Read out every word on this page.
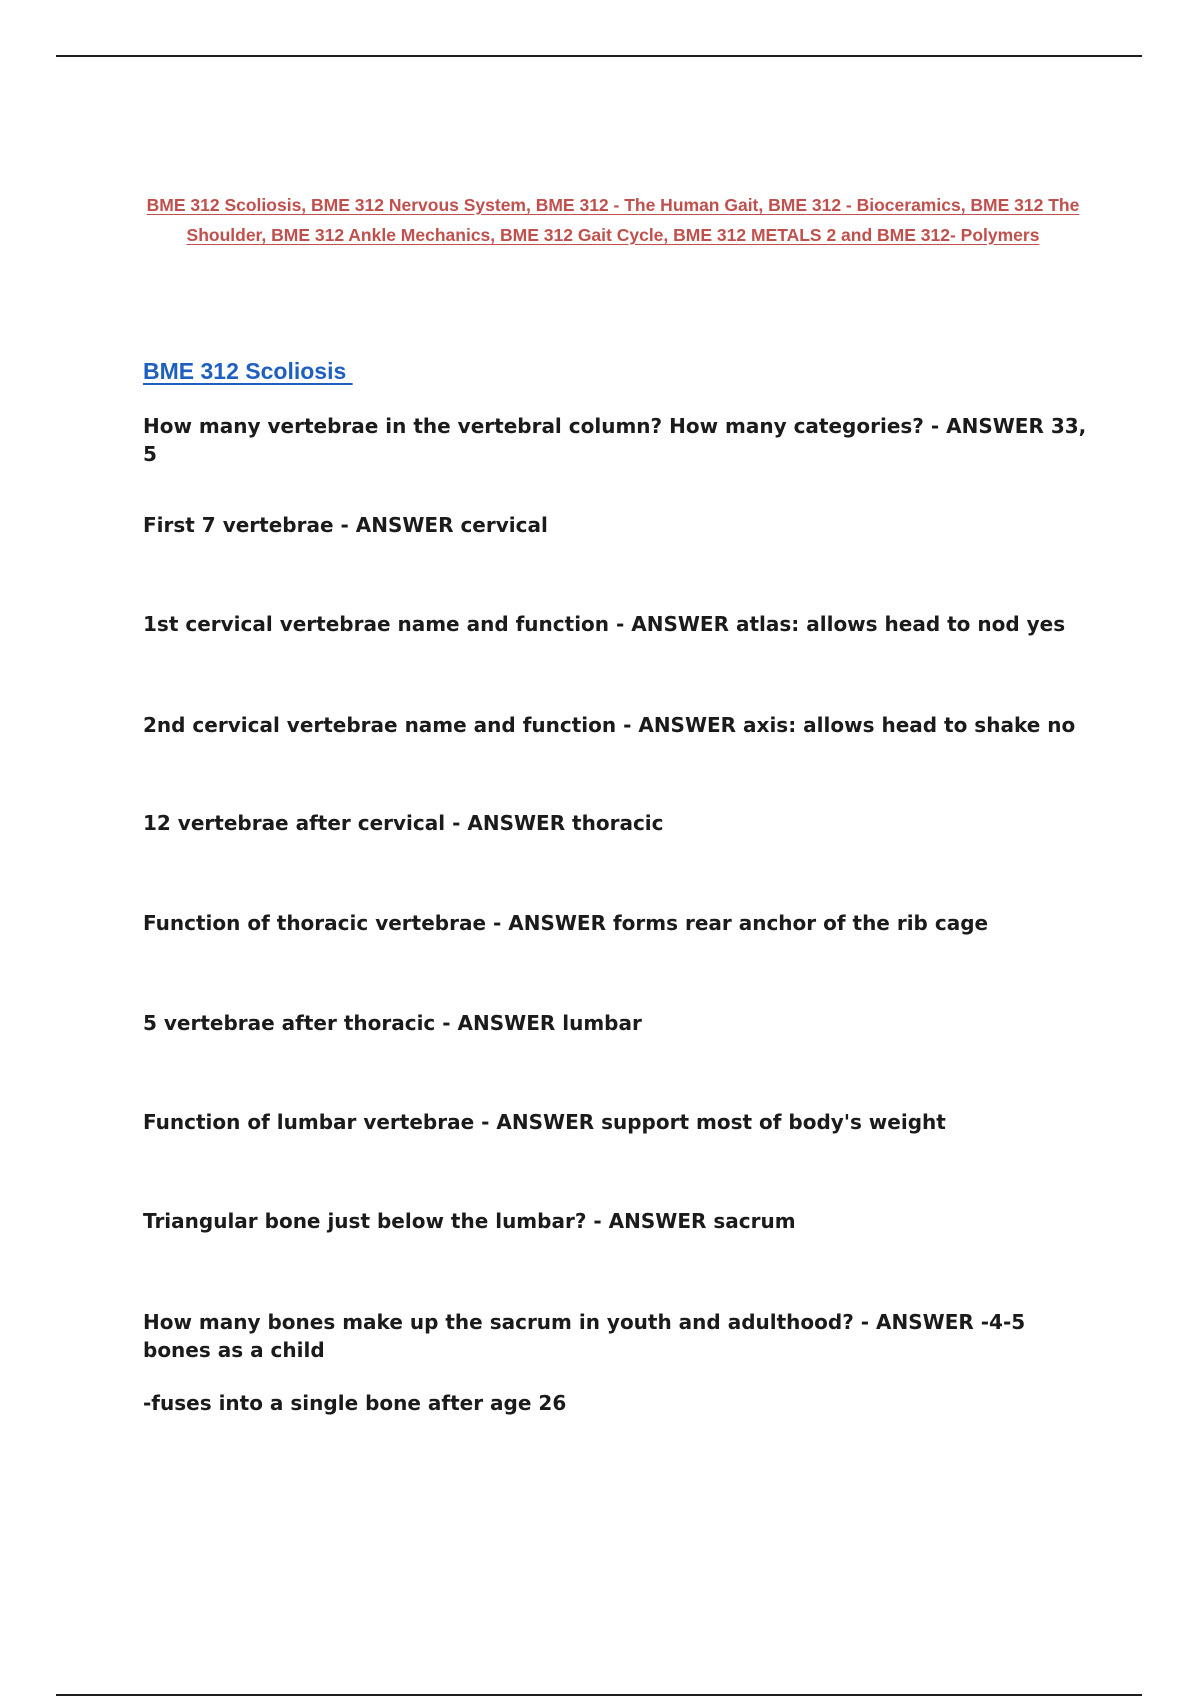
BME 312 Scoliosis, BME 312 Nervous System, BME 312 - The Human Gait, BME 312 - Bioceramics, BME 312 The Shoulder, BME 312 Ankle Mechanics, BME 312 Gait Cycle, BME 312 METALS 2 and BME 312- Polymers
BME 312 Scoliosis
How many vertebrae in the vertebral column? How many categories? - ANSWER 33, 5
First 7 vertebrae - ANSWER cervical
1st cervical vertebrae name and function - ANSWER atlas: allows head to nod yes
2nd cervical vertebrae name and function - ANSWER axis: allows head to shake no
12 vertebrae after cervical - ANSWER thoracic
Function of thoracic vertebrae - ANSWER forms rear anchor of the rib cage
5 vertebrae after thoracic - ANSWER lumbar
Function of lumbar vertebrae - ANSWER support most of body's weight
Triangular bone just below the lumbar? - ANSWER sacrum
How many bones make up the sacrum in youth and adulthood? - ANSWER -4-5 bones as a child
-fuses into a single bone after age 26
